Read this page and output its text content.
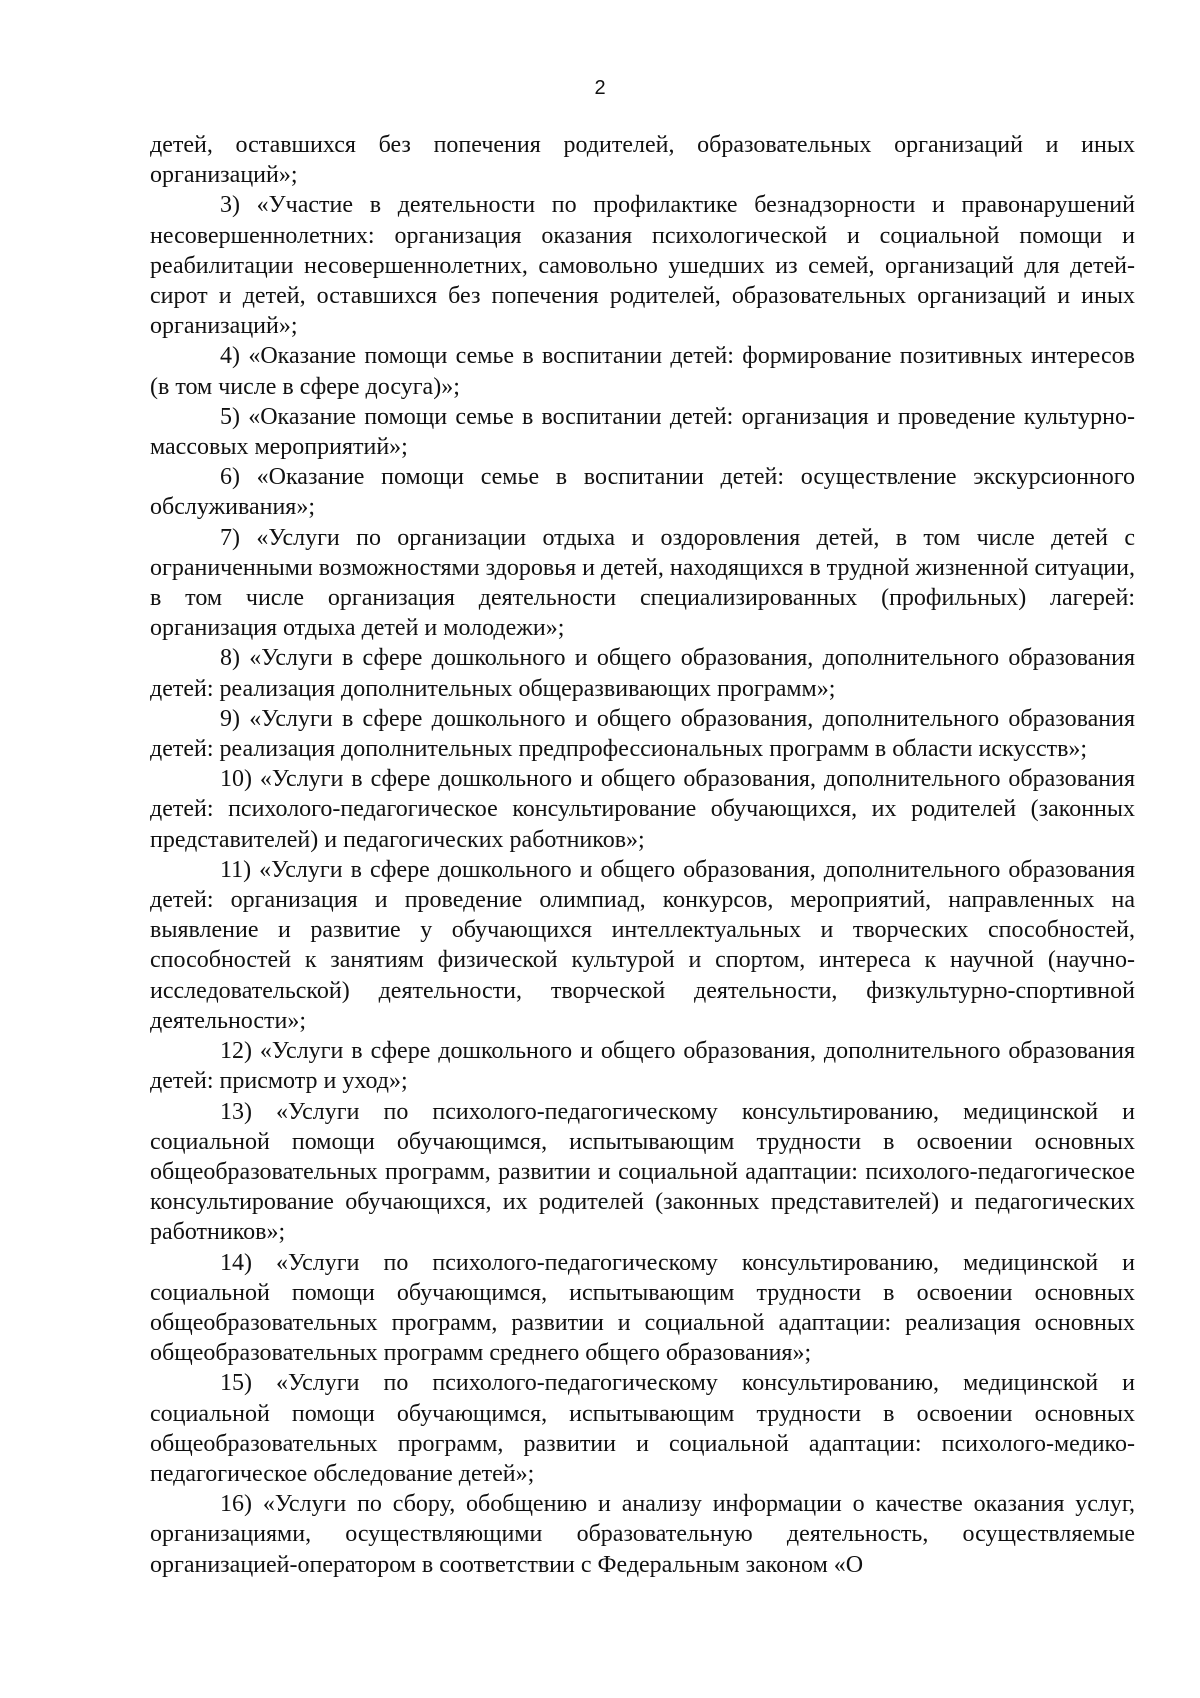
2

детей, оставшихся без попечения родителей, образовательных организаций и иных организаций»;

3) «Участие в деятельности по профилактике безнадзорности и правонарушений несовершеннолетних: организация оказания психологической и социальной помощи и реабилитации несовершеннолетних, самовольно ушедших из семей, организаций для детей-сирот и детей, оставшихся без попечения родителей, образовательных организаций и иных организаций»;

4) «Оказание помощи семье в воспитании детей: формирование позитивных интересов (в том числе в сфере досуга)»;

5) «Оказание помощи семье в воспитании детей: организация и проведение культурно-массовых мероприятий»;

6) «Оказание помощи семье в воспитании детей: осуществление экскурсионного обслуживания»;

7) «Услуги по организации отдыха и оздоровления детей, в том числе детей с ограниченными возможностями здоровья и детей, находящихся в трудной жизненной ситуации, в том числе организация деятельности специализированных (профильных) лагерей: организация отдыха детей и молодежи»;

8) «Услуги в сфере дошкольного и общего образования, дополнительного образования детей: реализация дополнительных общеразвивающих программ»;

9) «Услуги в сфере дошкольного и общего образования, дополнительного образования детей: реализация дополнительных предпрофессиональных программ в области искусств»;

10) «Услуги в сфере дошкольного и общего образования, дополнительного образования детей: психолого-педагогическое консультирование обучающихся, их родителей (законных представителей) и педагогических работников»;

11) «Услуги в сфере дошкольного и общего образования, дополнительного образования детей: организация и проведение олимпиад, конкурсов, мероприятий, направленных на выявление и развитие у обучающихся интеллектуальных и творческих способностей, способностей к занятиям физической культурой и спортом, интереса к научной (научно-исследовательской) деятельности, творческой деятельности, физкультурно-спортивной деятельности»;

12) «Услуги в сфере дошкольного и общего образования, дополнительного образования детей: присмотр и уход»;

13) «Услуги по психолого-педагогическому консультированию, медицинской и социальной помощи обучающимся, испытывающим трудности в освоении основных общеобразовательных программ, развитии и социальной адаптации: психолого-педагогическое консультирование обучающихся, их родителей (законных представителей) и педагогических работников»;

14) «Услуги по психолого-педагогическому консультированию, медицинской и социальной помощи обучающимся, испытывающим трудности в освоении основных общеобразовательных программ, развитии и социальной адаптации: реализация основных общеобразовательных программ среднего общего образования»;

15) «Услуги по психолого-педагогическому консультированию, медицинской и социальной помощи обучающимся, испытывающим трудности в освоении основных общеобразовательных программ, развитии и социальной адаптации: психолого-медико-педагогическое обследование детей»;

16) «Услуги по сбору, обобщению и анализу информации о качестве оказания услуг, организациями, осуществляющими образовательную деятельность, осуществляемые организацией-оператором в соответствии с Федеральным законом «О
